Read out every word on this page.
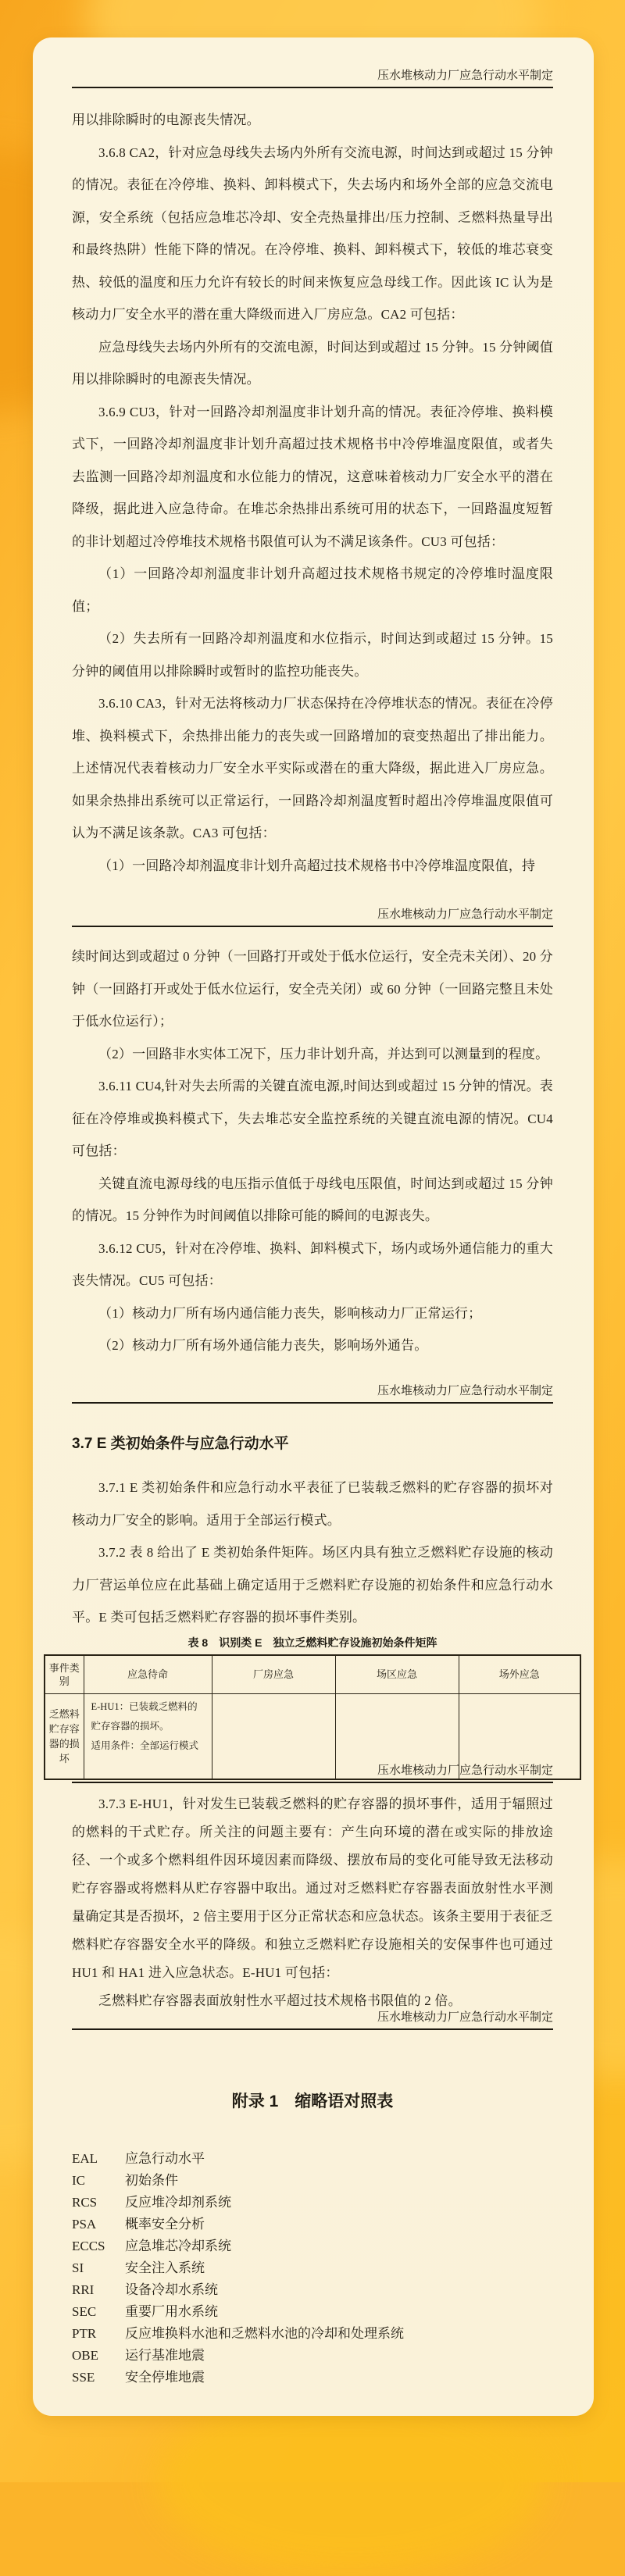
压水堆核动力厂应急行动水平制定

用以排除瞬时的电源丧失情况。

3.6.8 CA2，针对应急母线失去场内外所有交流电源，时间达到或超过 15 分钟的情况。表征在冷停堆、换料、卸料模式下，失去场内和场外全部的应急交流电源，安全系统（包括应急堆芯冷却、安全壳热量排出/压力控制、乏燃料热量导出和最终热阱）性能下降的情况。在冷停堆、换料、卸料模式下，较低的堆芯衰变热、较低的温度和压力允许有较长的时间来恢复应急母线工作。因此该 IC 认为是核动力厂安全水平的潜在重大降级而进入厂房应急。CA2 可包括：

应急母线失去场内外所有的交流电源，时间达到或超过 15 分钟。15 分钟阈值用以排除瞬时的电源丧失情况。

3.6.9 CU3，针对一回路冷却剂温度非计划升高的情况。表征冷停堆、换料模式下，一回路冷却剂温度非计划升高超过技术规格书中冷停堆温度限值，或者失去监测一回路冷却剂温度和水位能力的情况，这意味着核动力厂安全水平的潜在降级，据此进入应急待命。在堆芯余热排出系统可用的状态下，一回路温度短暂的非计划超过冷停堆技术规格书限值可认为不满足该条件。CU3 可包括：

（1）一回路冷却剂温度非计划升高超过技术规格书规定的冷停堆时温度限值；

（2）失去所有一回路冷却剂温度和水位指示，时间达到或超过 15 分钟。15 分钟的阈值用以排除瞬时或暂时的监控功能丧失。

3.6.10 CA3，针对无法将核动力厂状态保持在冷停堆状态的情况。表征在冷停堆、换料模式下，余热排出能力的丧失或一回路增加的衰变热超出了排出能力。上述情况代表着核动力厂安全水平实际或潜在的重大降级，据此进入厂房应急。如果余热排出系统可以正常运行，一回路冷却剂温度暂时超出冷停堆温度限值可认为不满足该条款。CA3 可包括：

（1）一回路冷却剂温度非计划升高超过技术规格书中冷停堆温度限值，持

压水堆核动力厂应急行动水平制定

续时间达到或超过 0 分钟（一回路打开或处于低水位运行，安全壳未关闭）、20 分钟（一回路打开或处于低水位运行，安全壳关闭）或 60 分钟（一回路完整且未处于低水位运行）；

（2）一回路非水实体工况下，压力非计划升高，并达到可以测量到的程度。

3.6.11 CU4,针对失去所需的关键直流电源,时间达到或超过 15 分钟的情况。表征在冷停堆或换料模式下，失去堆芯安全监控系统的关键直流电源的情况。CU4 可包括：

关键直流电源母线的电压指示值低于母线电压限值，时间达到或超过 15 分钟的情况。15 分钟作为时间阈值以排除可能的瞬间的电源丧失。

3.6.12 CU5，针对在冷停堆、换料、卸料模式下，场内或场外通信能力的重大丧失情况。CU5 可包括：

（1）核动力厂所有场内通信能力丧失，影响核动力厂正常运行；

（2）核动力厂所有场外通信能力丧失，影响场外通告。

压水堆核动力厂应急行动水平制定
3.7 E 类初始条件与应急行动水平

3.7.1 E 类初始条件和应急行动水平表征了已装载乏燃料的贮存容器的损坏对核动力厂安全的影响。适用于全部运行模式。

3.7.2 表 8 给出了 E 类初始条件矩阵。场区内具有独立乏燃料贮存设施的核动力厂营运单位应在此基础上确定适用于乏燃料贮存设施的初始条件和应急行动水平。E 类可包括乏燃料贮存容器的损坏事件类别。

表 8　识别类 E　独立乏燃料贮存设施初始条件矩阵
事件类别	应急待命	厂房应急	场区应急	场外应急
乏燃料贮存容器的损坏	E-HU1：已装载乏燃料的贮存容器的损坏。
适用条件：全部运行模式			

压水堆核动力厂应急行动水平制定

3.7.3 E-HU1，针对发生已装载乏燃料的贮存容器的损坏事件，适用于辐照过的燃料的干式贮存。所关注的问题主要有：产生向环境的潜在或实际的排放途径、一个或多个燃料组件因环境因素而降级、摆放布局的变化可能导致无法移动贮存容器或将燃料从贮存容器中取出。通过对乏燃料贮存容器表面放射性水平测量确定其是否损坏，2 倍主要用于区分正常状态和应急状态。该条主要用于表征乏燃料贮存容器安全水平的降级。和独立乏燃料贮存设施相关的安保事件也可通过 HU1 和 HA1 进入应急状态。E-HU1 可包括：

乏燃料贮存容器表面放射性水平超过技术规格书限值的 2 倍。

压水堆核动力厂应急行动水平制定
附录 1　缩略语对照表
EAL	应急行动水平
IC	初始条件
RCS	反应堆冷却剂系统
PSA	概率安全分析
ECCS	应急堆芯冷却系统
SI	安全注入系统
RRI	设备冷却水系统
SEC	重要厂用水系统
PTR	反应堆换料水池和乏燃料水池的冷却和处理系统
OBE	运行基准地震
SSE	安全停堆地震
